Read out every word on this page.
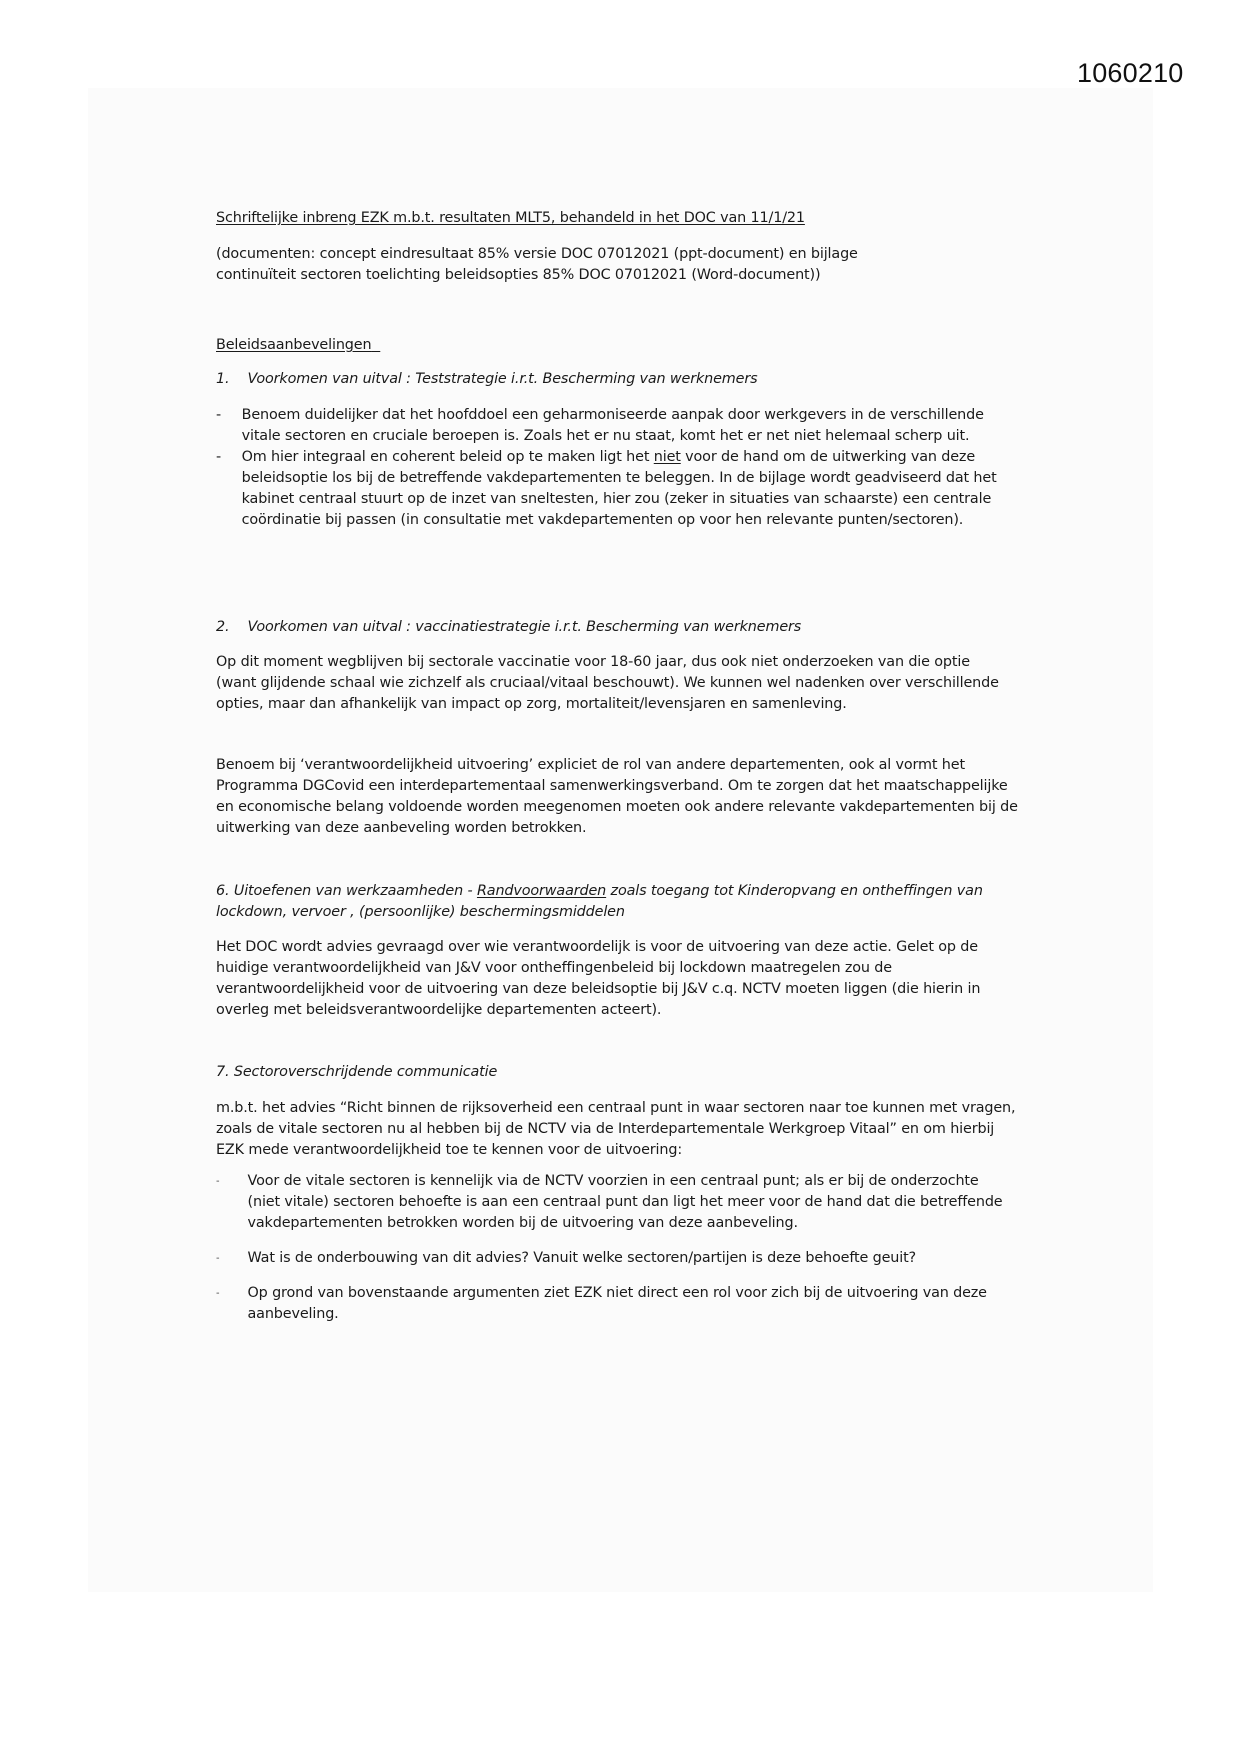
1060210
Schriftelijke inbreng EZK m.b.t. resultaten MLT5, behandeld in het DOC van 11/1/21
(documenten: concept eindresultaat 85% versie DOC 07012021 (ppt-document) en bijlage
continuïteit sectoren toelichting beleidsopties 85% DOC 07012021 (Word-document))
Beleidsaanbevelingen
1. Voorkomen van uitval : Teststrategie i.r.t. Bescherming van werknemers
- Benoem duidelijker dat het hoofddoel een geharmoniseerde aanpak door werkgevers in de verschillende vitale sectoren en cruciale beroepen is. Zoals het er nu staat, komt het er net niet helemaal scherp uit.
- Om hier integraal en coherent beleid op te maken ligt het niet voor de hand om de uitwerking van deze beleidsoptie los bij de betreffende vakdepartementen te beleggen. In de bijlage wordt geadviseerd dat het kabinet centraal stuurt op de inzet van sneltesten, hier zou (zeker in situaties van schaarste) een centrale coördinatie bij passen (in consultatie met vakdepartementen op voor hen relevante punten/sectoren).
2. Voorkomen van uitval : vaccinatiestrategie i.r.t. Bescherming van werknemers

Op dit moment wegblijven bij sectorale vaccinatie voor 18-60 jaar, dus ook niet onderzoeken van die optie (want glijdende schaal wie zichzelf als cruciaal/vitaal beschouwt). We kunnen wel nadenken over verschillende opties, maar dan afhankelijk van impact op zorg, mortaliteit/levensjaren en samenleving.

Benoem bij ‘verantwoordelijkheid uitvoering’ expliciet de rol van andere departementen, ook al vormt het Programma DGCovid een interdepartementaal samenwerkingsverband. Om te zorgen dat het maatschappelijke en economische belang voldoende worden meegenomen moeten ook andere relevante vakdepartementen bij de uitwerking van deze aanbeveling worden betrokken.

6. Uitoefenen van werkzaamheden - Randvoorwaarden zoals toegang tot Kinderopvang en ontheffingen van lockdown, vervoer , (persoonlijke) beschermingsmiddelen

Het DOC wordt advies gevraagd over wie verantwoordelijk is voor de uitvoering van deze actie. Gelet op de huidige verantwoordelijkheid van J&V voor ontheffingenbeleid bij lockdown maatregelen zou de verantwoordelijkheid voor de uitvoering van deze beleidsoptie bij J&V c.q. NCTV moeten liggen (die hierin in overleg met beleidsverantwoordelijke departementen acteert).

7. Sectoroverschrijdende communicatie

m.b.t. het advies “Richt binnen de rijksoverheid een centraal punt in waar sectoren naar toe kunnen met vragen, zoals de vitale sectoren nu al hebben bij de NCTV via de Interdepartementale Werkgroep Vitaal” en om hierbij EZK mede verantwoordelijkheid toe te kennen voor de uitvoering:

- Voor de vitale sectoren is kennelijk via de NCTV voorzien in een centraal punt; als er bij de onderzochte (niet vitale) sectoren behoefte is aan een centraal punt dan ligt het meer voor de hand dat die betreffende vakdepartementen betrokken worden bij de uitvoering van deze aanbeveling.
- Wat is de onderbouwing van dit advies? Vanuit welke sectoren/partijen is deze behoefte geuit?
- Op grond van bovenstaande argumenten ziet EZK niet direct een rol voor zich bij de uitvoering van deze aanbeveling.
